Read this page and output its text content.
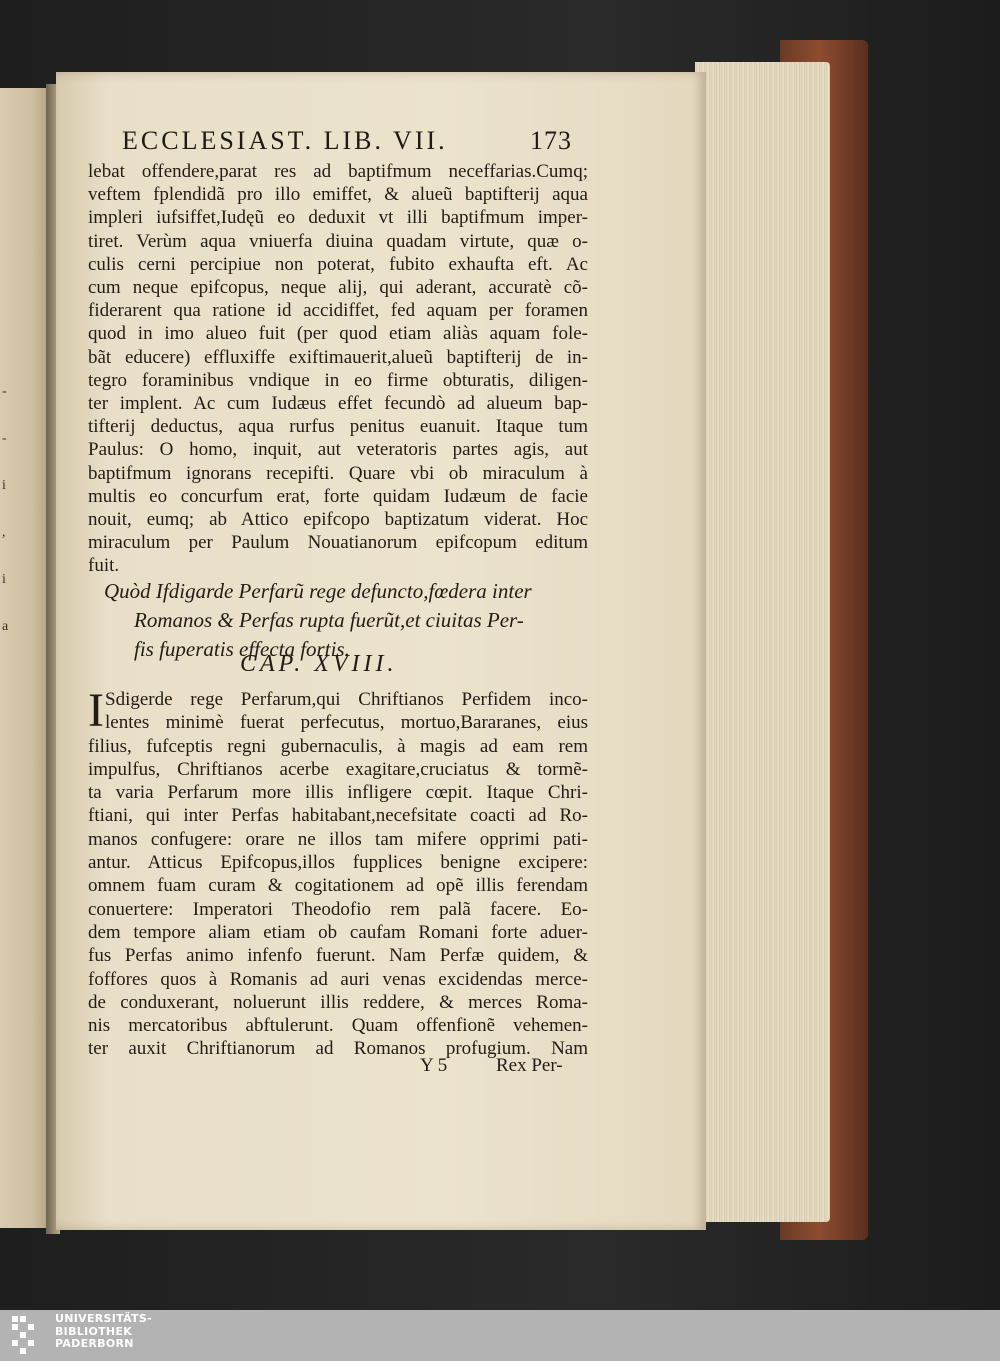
-
-
i
,
i
a
ECCLESIAST. LIB. VII.	173
lebat offendere,parat res ad baptifmum neceffarias.Cumq;
veftem fplendidã pro illo emiffet, & alueũ baptifterij aqua
impleri iufsiffet,Iudęũ eo deduxit vt illi baptifmum imper-
tiret. Verùm aqua vniuerfa diuina quadam virtute, quæ o-
culis cerni percipiue non poterat, fubito exhaufta eft. Ac
cum neque epifcopus, neque alij, qui aderant, accuratè cõ-
fiderarent qua ratione id accidiffet, fed aquam per foramen
quod in imo alueo fuit (per quod etiam aliàs aquam fole-
bãt educere) effluxiffe exiftimauerit,alueũ baptifterij de in-
tegro foraminibus vndique in eo firme obturatis, diligen-
ter implent. Ac cum Iudæus effet fecundò ad alueum bap-
tifterij deductus, aqua rurfus penitus euanuit. Itaque tum
Paulus: O homo, inquit, aut veteratoris partes agis, aut
baptifmum ignorans recepifti. Quare vbi ob miraculum à
multis eo concurfum erat, forte quidam Iudæum de facie
nouit, eumq; ab Attico epifcopo baptizatum viderat. Hoc
miraculum per Paulum Nouatianorum epifcopum editum
fuit.
Quòd Ifdigarde Perfarũ rege defuncto,fœdera inter
Romanos & Perfas rupta fuerũt,et ciuitas Per-
fis fuperatis effecta fortis.
CAP. XVIII.
I Sdigerde rege Perfarum,qui Chriftianos Perfidem inco-
lentes minimè fuerat perfecutus, mortuo,Bararanes, eius
filius, fufceptis regni gubernaculis, à magis ad eam rem
impulfus, Chriftianos acerbe exagitare,cruciatus & tormẽ-
ta varia Perfarum more illis infligere cœpit. Itaque Chri-
ftiani, qui inter Perfas habitabant,necefsitate coacti ad Ro-
manos confugere: orare ne illos tam mifere opprimi pati-
antur. Atticus Epifcopus,illos fupplices benigne excipere:
omnem fuam curam & cogitationem ad opẽ illis ferendam
conuertere: Imperatori Theodofio rem palã facere. Eo-
dem tempore aliam etiam ob caufam Romani forte aduer-
fus Perfas animo infenfo fuerunt. Nam Perfæ quidem, &
foffores quos à Romanis ad auri venas excidendas merce-
de conduxerant, noluerunt illis reddere, & merces Roma-
nis mercatoribus abftulerunt. Quam offenfionẽ vehemen-
ter auxit Chriftianorum ad Romanos profugium. Nam
Y 5	Rex Per-
UNIVERSITÄTS-
BIBLIOTHEK
PADERBORN
